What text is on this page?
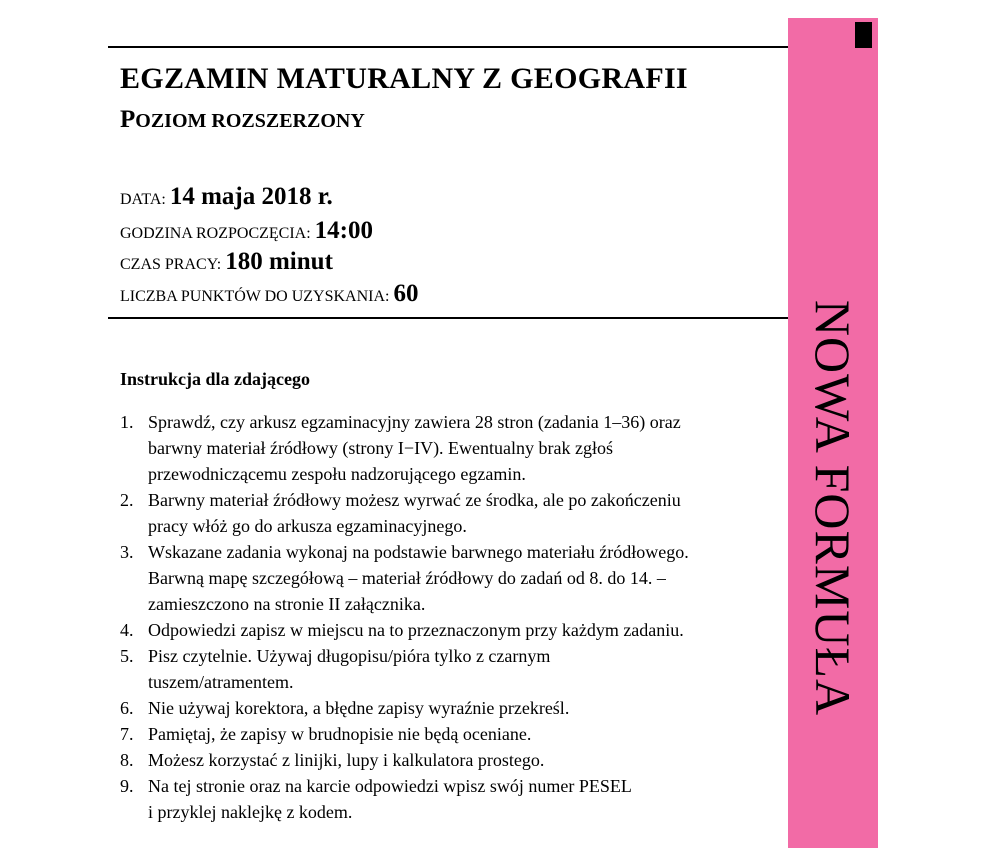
NOWA FORMUŁA
EGZAMIN MATURALNY Z GEOGRAFII
POZIOM ROZSZERZONY
DATA: 14 maja 2018 r.
GODZINA ROZPOCZĘCIA: 14:00
CZAS PRACY: 180 minut
LICZBA PUNKTÓW DO UZYSKANIA: 60
Instrukcja dla zdającego
1. Sprawdź, czy arkusz egzaminacyjny zawiera 28 stron (zadania 1–36) oraz
barwny materiał źródłowy (strony I−IV). Ewentualny brak zgłoś
przewodniczącemu zespołu nadzorującego egzamin.
2. Barwny materiał źródłowy możesz wyrwać ze środka, ale po zakończeniu
pracy włóż go do arkusza egzaminacyjnego.
3. Wskazane zadania wykonaj na podstawie barwnego materiału źródłowego.
Barwną mapę szczegółową – materiał źródłowy do zadań od 8. do 14. –
zamieszczono na stronie II załącznika.
4. Odpowiedzi zapisz w miejscu na to przeznaczonym przy każdym zadaniu.
5. Pisz czytelnie. Używaj długopisu/pióra tylko z czarnym
tuszem/atramentem.
6. Nie używaj korektora, a błędne zapisy wyraźnie przekreśl.
7. Pamiętaj, że zapisy w brudnopisie nie będą oceniane.
8. Możesz korzystać z linijki, lupy i kalkulatora prostego.
9. Na tej stronie oraz na karcie odpowiedzi wpisz swój numer PESEL
i przyklej naklejkę z kodem.
